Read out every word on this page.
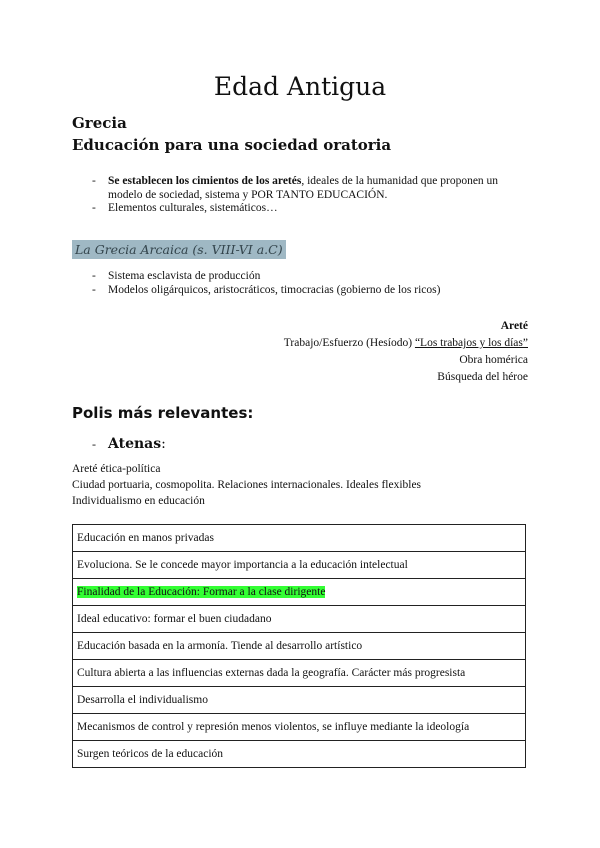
Edad Antigua
Grecia
Educación para una sociedad oratoria
- Se establecen los cimientos de los aretés, ideales de la humanidad que proponen un modelo de sociedad, sistema y POR TANTO EDUCACIÓN.
- Elementos culturales, sistemáticos…
La Grecia Arcaica (s. VIII-VI a.C)
- Sistema esclavista de producción
- Modelos oligárquicos, aristocráticos, timocracias (gobierno de los ricos)
Areté
Trabajo/Esfuerzo (Hesíodo) “Los trabajos y los días”
Obra homérica
Búsqueda del héroe
Polis más relevantes:
- Atenas:
Areté ética-política
Ciudad portuaria, cosmopolita. Relaciones internacionales. Ideales flexibles
Individualismo en educación
Educación en manos privadas
Evoluciona. Se le concede mayor importancia a la educación intelectual
Finalidad de la Educación: Formar a la clase dirigente
Ideal educativo: formar el buen ciudadano
Educación basada en la armonía. Tiende al desarrollo artístico
Cultura abierta a las influencias externas dada la geografía. Carácter más progresista
Desarrolla el individualismo
Mecanismos de control y represión menos violentos, se influye mediante la ideología
Surgen teóricos de la educación
